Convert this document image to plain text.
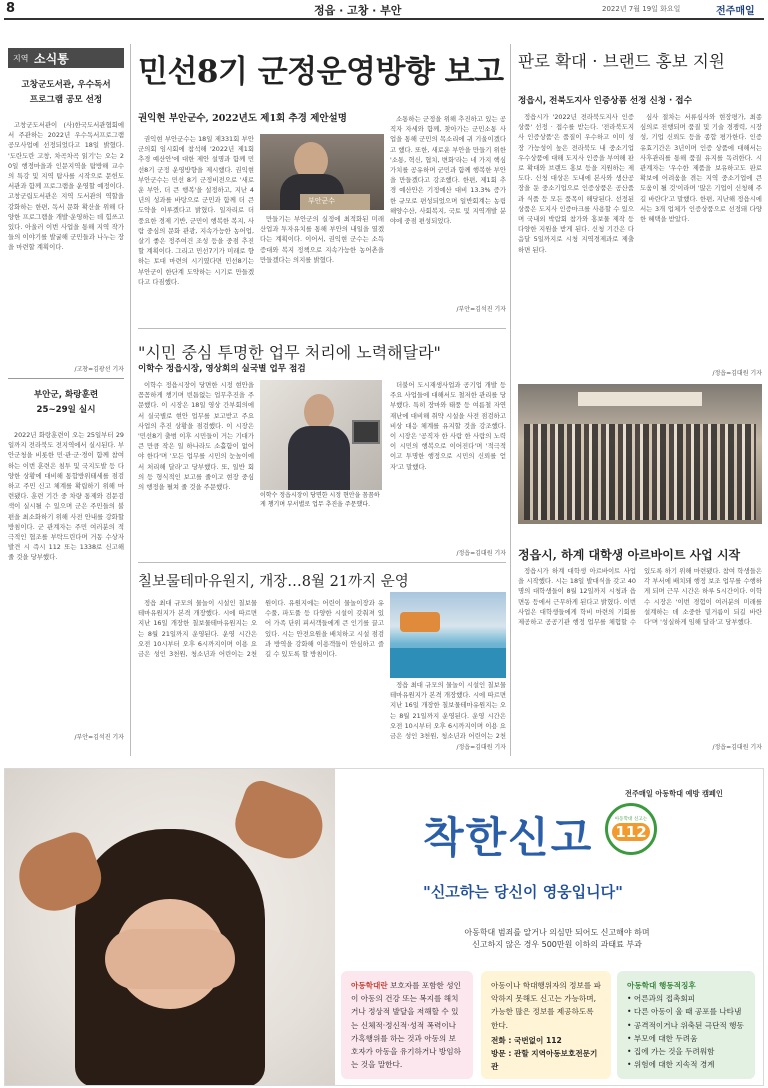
8	정읍 · 고창 · 부안	2022년 7월 19일 화요일	전주매일
지역 소식통
고창군도서관, 우수독서
프로그램 공모 선정

고창군도서관이 (사)한국도서관협회에서 주관하는 2022년 우수독서프로그램 공모사업에 선정되었다고 18일 밝혔다. '도란도란 고창, 차곡차곡 읽기'는 오는 20일 행정마을과 인문지역을 탐방해 교수의 특강 및 지역 탐사를 시작으로 문헌도서관과 함께 프로그램을 운영할 예정이다. 고창군립도서관은 지역 도서관의 역할을 강화하는 한편, 독서 문화 확산을 위해 다양한 프로그램을 개발·운영하는 데 힘쓰고 있다. 아울러 이번 사업을 통해 지역 작가들의 이야기를 발굴해 군민들과 나누는 장을 마련할 계획이다.

/고창=김광선 기자
부안군, 화랑훈련
25~29일 실시

2022년 화랑훈련이 오는 25일부터 29일까지 전라북도 전지역에서 실시된다. 부안군청을 비롯한 민·관·군·경이 함께 참여하는 이번 훈련은 침투 및 국지도발 등 다양한 상황에 대비해 통합방위태세를 점검하고 주민 신고 체계를 확립하기 위해 마련됐다. 훈련 기간 중 차량 통제와 검문검색이 실시될 수 있으며 군은 주민들의 불편을 최소화하기 위해 사전 안내를 강화할 방침이다. 군 관계자는 주민 여러분의 적극적인 협조를 부탁드린다며 거동 수상자 발견 시 즉시 112 또는 1338로 신고해 줄 것을 당부했다.

/부안=김석진 기자
민선8기 군정운영방향 보고
권익현 부안군수, 2022년도 제1회 추경 제안설명

권익현 부안군수는 18일 제331회 부안군의회 임시회에 참석해 '2022년 제1회 추경 예산안'에 대한 제안 설명과 함께 민선8기 군정 운영방향을 제시했다. 권익현 부안군수는 민선 8기 군정비전으로 '새로운 부안, 더 큰 행복'을 설정하고, 지난 4년의 성과를 바탕으로 군민과 함께 더 큰 도약을 이루겠다고 밝혔다. 일자리로 더 풍요한 경제 기반, 군민이 행복한 복지, 사람 중심의 문화 관광, 지속가능한 농어업, 살기 좋은 정주여건 조성 등을 중점 추진할 계획이다. 그리고 민선7기가 미래로 향하는 토대 마련의 시기였다면 민선8기는 부안군이 한단계 도약하는 시기로 만들겠다고 다짐했다.

부안군수

만들기는 부안군의 실정에 최적화된 미래산업과 투자유치를 통해 부안의 내일을 열겠다는 계획이다. 이어서, 권익현 군수는 소득증대와 복지 정책으로 지속가능한 농어촌을 만들겠다는 의지를 밝혔다.

소통하는 군정을 위해 추진하고 있는 공직자 자세와 함께, 찾아가는 군민소통 사업을 통해 군민의 목소리에 귀 기울이겠다고 했다. 또한, 새로운 부안을 만들기 위한 '소통, 혁신, 협치, 변화'라는 네 가지 핵심 가치를 공유하며 군민과 함께 행복한 부안을 만들겠다고 강조했다. 한편, 제1회 추경 예산안은 기정예산 대비 13.3% 증가한 규모로 편성되었으며 일반회계는 농림해양수산, 사회복지, 국토 및 지역개발 분야에 중점 편성되었다.

/부안=김석진 기자
판로 확대 · 브랜드 홍보 지원
정읍시, 전북도지사 인증상품 선정 신청 · 접수

정읍시가 '2022년 전라북도지사 인증상품' 선정 · 접수를 받는다. '전라북도지사 인증상품'은 품질이 우수하고 이미 성장 가능성이 높은 전라북도 내 중소기업 우수상품에 대해 도지사 인증을 부여해 판로 확대와 브랜드 홍보 등을 지원하는 제도다. 신청 대상은 도내에 본사와 생산공장을 둔 중소기업으로 인증상품은 공산품과 식품 등 모든 품목이 해당된다. 선정된 상품은 도지사 인증마크를 사용할 수 있으며 국내외 박람회 참가와 홍보물 제작 등 다양한 지원을 받게 된다. 신청 기간은 다음달 5일까지로 시청 지역경제과로 제출하면 된다.

심사 절차는 서류심사와 현장평가, 최종 심의로 진행되며 품질 및 기술 경쟁력, 시장성, 기업 신뢰도 등을 종합 평가한다. 인증 유효기간은 3년이며 인증 상품에 대해서는 사후관리를 통해 품질 유지를 독려한다. 시 관계자는 '우수한 제품을 보유하고도 판로 확보에 어려움을 겪는 지역 중소기업에 큰 도움이 될 것'이라며 '많은 기업이 신청해 주길 바란다'고 말했다. 한편, 지난해 정읍시에서는 3개 업체가 인증상품으로 선정돼 다양한 혜택을 받았다.

/정읍=김대원 기자
"시민 중심 투명한 업무 처리에 노력해달라"
이학수 정읍시장, 영상회의 실국별 업무 점검

이학수 정읍시장이 당면한 시정 현안을 꼼꼼하게 챙기며 빈틈없는 업무추진을 주문했다. 이 시장은 18일 영상 간부회의에서 실국별로 현안 업무를 보고받고 주요 사업의 추진 상황을 점검했다. 이 시장은 '민선8기 출범 이후 시민들이 거는 기대가 큰 만큼 작은 일 하나라도 소홀함이 없어야 한다'며 '모든 업무를 시민의 눈높이에서 처리해 달라'고 당부했다. 또, 일반 회의 등 형식적인 보고를 줄이고 현장 중심의 행정을 펼쳐 줄 것을 주문했다.

이학수 정읍시장이 당면한 시정 현안을 꼼꼼하게 챙기며 부서별로 업무 추진을 주문했다.

더불어 도시재생사업과 공기업 개발 등 주요 사업들에 대해서도 철저한 관리를 당부했다. 특히 장마와 태풍 등 여름철 자연재난에 대비해 취약 시설을 사전 점검하고 비상 대응 체계를 유지할 것을 강조했다. 이 시장은 '공직자 한 사람 한 사람의 노력이 시민의 행복으로 이어진다'며 '적극적이고 투명한 행정으로 시민의 신뢰를 얻자'고 말했다.

/정읍=김대원 기자
칠보물테마유원지, 개장…8월 21까지 운영

정읍 최대 규모의 물놀이 시설인 칠보물테마유원지가 본격 개장했다. 시에 따르면 지난 16일 개장한 칠보물테마유원지는 오는 8월 21일까지 운영된다. 운영 시간은 오전 10시부터 오후 6시까지이며 이용 요금은 성인 3천원, 청소년과 어린이는 2천원이다. 유원지에는 어린이 물놀이장과 유수풀, 파도풀 등 다양한 시설이 갖춰져 있어 가족 단위 피서객들에게 큰 인기를 끌고 있다. 시는 안전요원을 배치하고 시설 점검과 방역을 강화해 이용객들이 안심하고 즐길 수 있도록 할 방침이다.

정읍 최대 규모의 물놀이 시설인 칠보물테마유원지가 본격 개장했다. 시에 따르면 지난 16일 개장한 칠보물테마유원지는 오는 8월 21일까지 운영된다. 운영 시간은 오전 10시부터 오후 6시까지이며 이용 요금은 성인 3천원, 청소년과 어린이는 2천

/정읍=김대원 기자
정읍시, 하계 대학생 아르바이트 사업 시작

정읍시가 하계 대학생 아르바이트 사업을 시작했다. 시는 18일 발대식을 갖고 40명의 대학생들이 8월 12일까지 시청과 읍면동 등에서 근무하게 된다고 밝혔다. 이번 사업은 대학생들에게 학비 마련의 기회를 제공하고 공공기관 행정 업무를 체험할 수 있도록 하기 위해 마련됐다. 참여 학생들은 각 부서에 배치돼 행정 보조 업무를 수행하게 되며 근무 시간은 하루 5시간이다. 이학수 시장은 '이번 경험이 여러분의 미래를 설계하는 데 소중한 밑거름이 되길 바란다'며 '성실하게 임해 달라'고 당부했다.

/정읍=김대원 기자
전주매일 아동학대 예방 캠페인
착한신고	아동학대 신고는
112
"신고하는 당신이 영웅입니다"
아동학대 범죄를 알거나 의심만 되어도 신고해야 하며
신고하지 않은 경우 500만원 이하의 과태료 부과
아동학대란 보호자를 포함한 성인이 아동의 건강 또는 복지를 해치거나 정상적 발달을 저해할 수 있는 신체적·정신적·성적 폭력이나 가혹행위를 하는 것과 아동의 보호자가 아동을 유기하거나 방임하는 것을 말한다.
아동이나 학대행위자의 정보를 파악하지 못해도 신고는 가능하며, 가능한 많은 정보를 제공하도록 한다.
전화 : 국번없이 112
방문 : 관할 지역아동보호전문기관
아동학대 행동적징후
• 어른과의 접촉회피
• 다른 아동이 울 때 공포를 나타냄
• 공격적이거나 위축된 극단적 행동
• 부모에 대한 두려움
• 집에 가는 것을 두려워함
• 위험에 대한 지속적 경계
